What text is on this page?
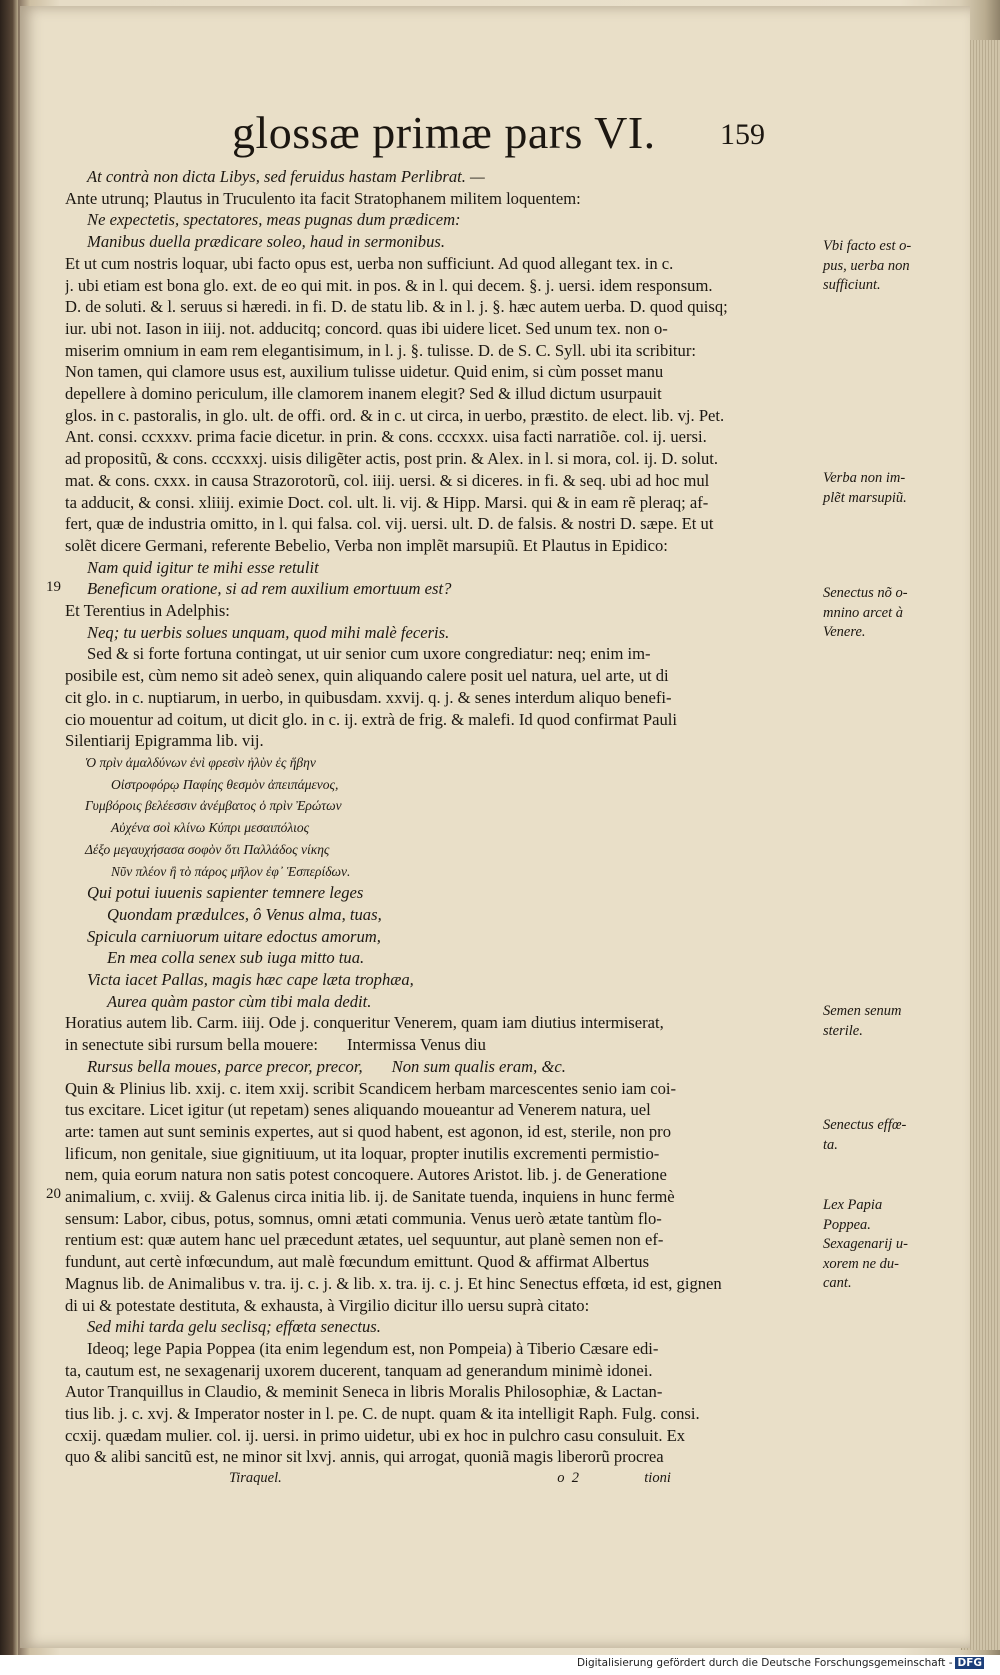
glossæ primæ pars VI. 159
19
20
At contrà non dicta Libys, sed feruidus hastam Perlibrat. —
Ante utrunq; Plautus in Truculento ita facit Stratophanem militem loquentem:
Ne expectetis, spectatores, meas pugnas dum prædicem:
Manibus duella prædicare soleo, haud in sermonibus.
Et ut cum nostris loquar, ubi facto opus est, uerba non sufficiunt. Ad quod allegant tex. in c.
j. ubi etiam est bona glo. ext. de eo qui mit. in pos. & in l. qui decem. §. j. uersi. idem responsum.
D. de soluti. & l. seruus si hæredi. in fi. D. de statu lib. & in l. j. §. hæc autem uerba. D. quod quisq;
iur. ubi not. Iason in iiij. not. adducitq; concord. quas ibi uidere licet. Sed unum tex. non o-
miserim omnium in eam rem elegantisimum, in l. j. §. tulisse. D. de S. C. Syll. ubi ita scribitur:
Non tamen, qui clamore usus est, auxilium tulisse uidetur. Quid enim, si cùm posset manu
depellere à domino periculum, ille clamorem inanem elegit? Sed & illud dictum usurpauit
glos. in c. pastoralis, in glo. ult. de offi. ord. & in c. ut circa, in uerbo, præstito. de elect. lib. vj. Pet.
Ant. consi. ccxxxv. prima facie dicetur. in prin. & cons. cccxxx. uisa facti narratiõe. col. ij. uersi.
ad propositũ, & cons. cccxxxj. uisis diligẽter actis, post prin. & Alex. in l. si mora, col. ij. D. solut.
mat. & cons. cxxx. in causa Strazorotorũ, col. iiij. uersi. & si diceres. in fi. & seq. ubi ad hoc mul
ta adducit, & consi. xliiij. eximie Doct. col. ult. li. vij. & Hipp. Marsi. qui & in eam rẽ pleraq; af-
fert, quæ de industria omitto, in l. qui falsa. col. vij. uersi. ult. D. de falsis. & nostri D. sæpe. Et ut
solẽt dicere Germani, referente Bebelio, Verba non implẽt marsupiũ. Et Plautus in Epidico:
Nam quid igitur te mihi esse retulit
Beneficum oratione, si ad rem auxilium emortuum est?
Et Terentius in Adelphis:
Neq; tu uerbis solues unquam, quod mihi malè feceris.
Sed & si forte fortuna contingat, ut uir senior cum uxore congrediatur: neq; enim im-
posibile est, cùm nemo sit adeò senex, quin aliquando calere posit uel natura, uel arte, ut di
cit glo. in c. nuptiarum, in uerbo, in quibusdam. xxvij. q. j. & senes interdum aliquo benefi-
cio mouentur ad coitum, ut dicit glo. in c. ij. extrà de frig. & malefi. Id quod confirmat Pauli
Silentiarij Epigramma lib. vij.
Ὁ πρὶν ἀμαλδύνων ἐνὶ φρεσὶν ἠλὺν ἐς ἥβην
Οἰστροφόρῳ Παφίης θεσμὸν ἀπειπάμενος,
Γυμβόροις βελέεσσιν ἀνέμβατος ὁ πρὶν Ἐρώτων
Αὐχένα σοὶ κλίνω Κύπρι μεσαιπόλιος
Δέξο μεγαυχήσασα σοφὸν ὅτι Παλλάδος νίκης
Νῦν πλέον ἢ τὸ πάρος μῆλον ἐφ᾽ Ἑσπερίδων.
Qui potui iuuenis sapienter temnere leges
Quondam prædulces, ô Venus alma, tuas,
Spicula carniuorum uitare edoctus amorum,
En mea colla senex sub iuga mitto tua.
Victa iacet Pallas, magis hæc cape læta trophæa,
Aurea quàm pastor cùm tibi mala dedit.
Horatius autem lib. Carm. iiij. Ode j. conqueritur Venerem, quam iam diutius intermiserat,
in senectute sibi rursum bella mouere:       Intermissa Venus diu
Rursus bella moues, parce precor, precor,       Non sum qualis eram, &c.
Quin & Plinius lib. xxij. c. item xxij. scribit Scandicem herbam marcescentes senio iam coi-
tus excitare. Licet igitur (ut repetam) senes aliquando moueantur ad Venerem natura, uel
arte: tamen aut sunt seminis expertes, aut si quod habent, est agonon, id est, sterile, non pro
lificum, non genitale, siue gignitiuum, ut ita loquar, propter inutilis excrementi permistio-
nem, quia eorum natura non satis potest concoquere. Autores Aristot. lib. j. de Generatione
animalium, c. xviij. & Galenus circa initia lib. ij. de Sanitate tuenda, inquiens in hunc fermè
sensum: Labor, cibus, potus, somnus, omni ætati communia. Venus uerò ætate tantùm flo-
rentium est: quæ autem hanc uel præcedunt ætates, uel sequuntur, aut planè semen non ef-
fundunt, aut certè infœcundum, aut malè fœcundum emittunt. Quod & affirmat Albertus
Magnus lib. de Animalibus v. tra. ij. c. j. & lib. x. tra. ij. c. j. Et hinc Senectus effœta, id est, gignen
di ui & potestate destituta, & exhausta, à Virgilio dicitur illo uersu suprà citato:
Sed mihi tarda gelu seclisq; effœta senectus.
Ideoq; lege Papia Poppea (ita enim legendum est, non Pompeia) à Tiberio Cæsare edi-
ta, cautum est, ne sexagenarij uxorem ducerent, tanquam ad generandum minimè idonei.
Autor Tranquillus in Claudio, & meminit Seneca in libris Moralis Philosophiæ, & Lactan-
tius lib. j. c. xvj. & Imperator noster in l. pe. C. de nupt. quam & ita intelligit Raph. Fulg. consi.
ccxij. quædam mulier. col. ij. uersi. in primo uidetur, ubi ex hoc in pulchro casu consuluit. Ex
quo & alibi sancitũ est, ne minor sit lxvj. annis, qui arrogat, quoniã magis liberorũ procrea
Tiraquel.                                                                            o  2                  tioni
Vbi facto est o-
pus, uerba non
sufficiunt.
Verba non im-
plẽt marsupiũ.
Senectus nõ o-
mnino arcet à
Venere.
Semen senum
sterile.
Senectus effœ-
ta.
Lex Papia
Poppea.
Sexagenarij u-
xorem ne du-
cant.
Digitalisierung gefördert durch die Deutsche Forschungsgemeinschaft - DFG
